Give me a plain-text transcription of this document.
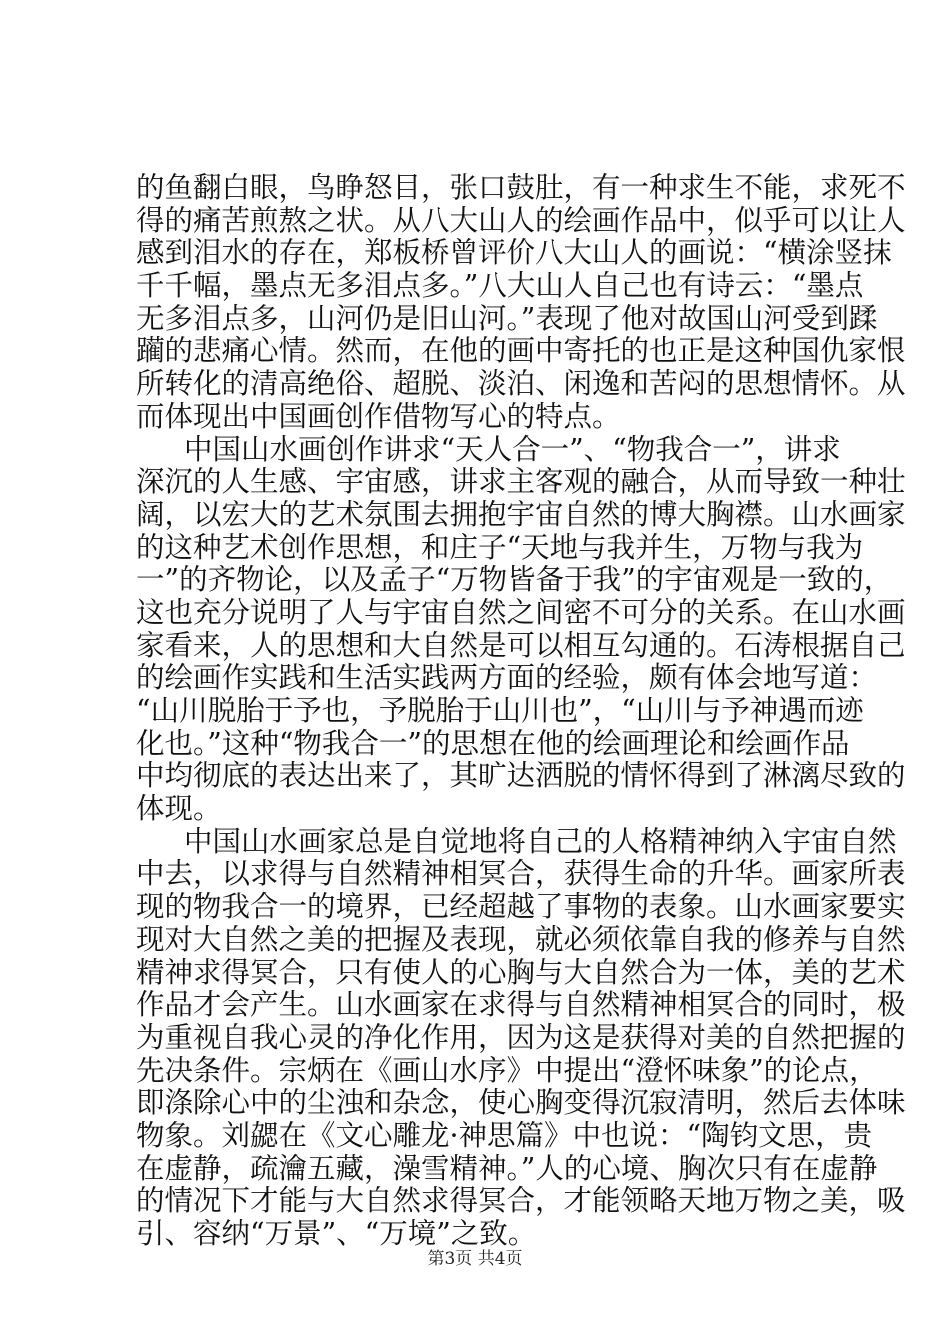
的鱼翻白眼，鸟睁怒目，张口鼓肚，有一种求生不能，求死不
得的痛苦煎熬之状。从八大山人的绘画作品中，似乎可以让人
感到泪水的存在，郑板桥曾评价八大山人的画说：“横涂竖抹
千千幅，墨点无多泪点多。”八大山人自己也有诗云：“墨点
无多泪点多，山河仍是旧山河。”表现了他对故国山河受到蹂
躏的悲痛心情。然而，在他的画中寄托的也正是这种国仇家恨
所转化的清高绝俗、超脱、淡泊、闲逸和苦闷的思想情怀。从
而体现出中国画创作借物写心的特点。
中国山水画创作讲求“天人合一”、“物我合一”，讲求
深沉的人生感、宇宙感，讲求主客观的融合，从而导致一种壮
阔，以宏大的艺术氛围去拥抱宇宙自然的博大胸襟。山水画家
的这种艺术创作思想，和庄子“天地与我并生，万物与我为
一”的齐物论，以及孟子“万物皆备于我”的宇宙观是一致的，
这也充分说明了人与宇宙自然之间密不可分的关系。在山水画
家看来，人的思想和大自然是可以相互勾通的。石涛根据自己
的绘画作实践和生活实践两方面的经验，颇有体会地写道：
“山川脱胎于予也，予脱胎于山川也”，“山川与予神遇而迹
化也。”这种“物我合一”的思想在他的绘画理论和绘画作品
中均彻底的表达出来了，其旷达洒脱的情怀得到了淋漓尽致的
体现。
中国山水画家总是自觉地将自己的人格精神纳入宇宙自然
中去，以求得与自然精神相冥合，获得生命的升华。画家所表
现的物我合一的境界，已经超越了事物的表象。山水画家要实
现对大自然之美的把握及表现，就必须依靠自我的修养与自然
精神求得冥合，只有使人的心胸与大自然合为一体，美的艺术
作品才会产生。山水画家在求得与自然精神相冥合的同时，极
为重视自我心灵的净化作用，因为这是获得对美的自然把握的
先决条件。宗炳在《画山水序》中提出“澄怀味象”的论点，
即涤除心中的尘浊和杂念，使心胸变得沉寂清明，然后去体味
物象。刘勰在《文心雕龙·神思篇》中也说：“陶钧文思，贵
在虚静，疏瀹五藏，澡雪精神。”人的心境、胸次只有在虚静
的情况下才能与大自然求得冥合，才能领略天地万物之美，吸
引、容纳“万景”、“万境”之致。
第3页 共4页
